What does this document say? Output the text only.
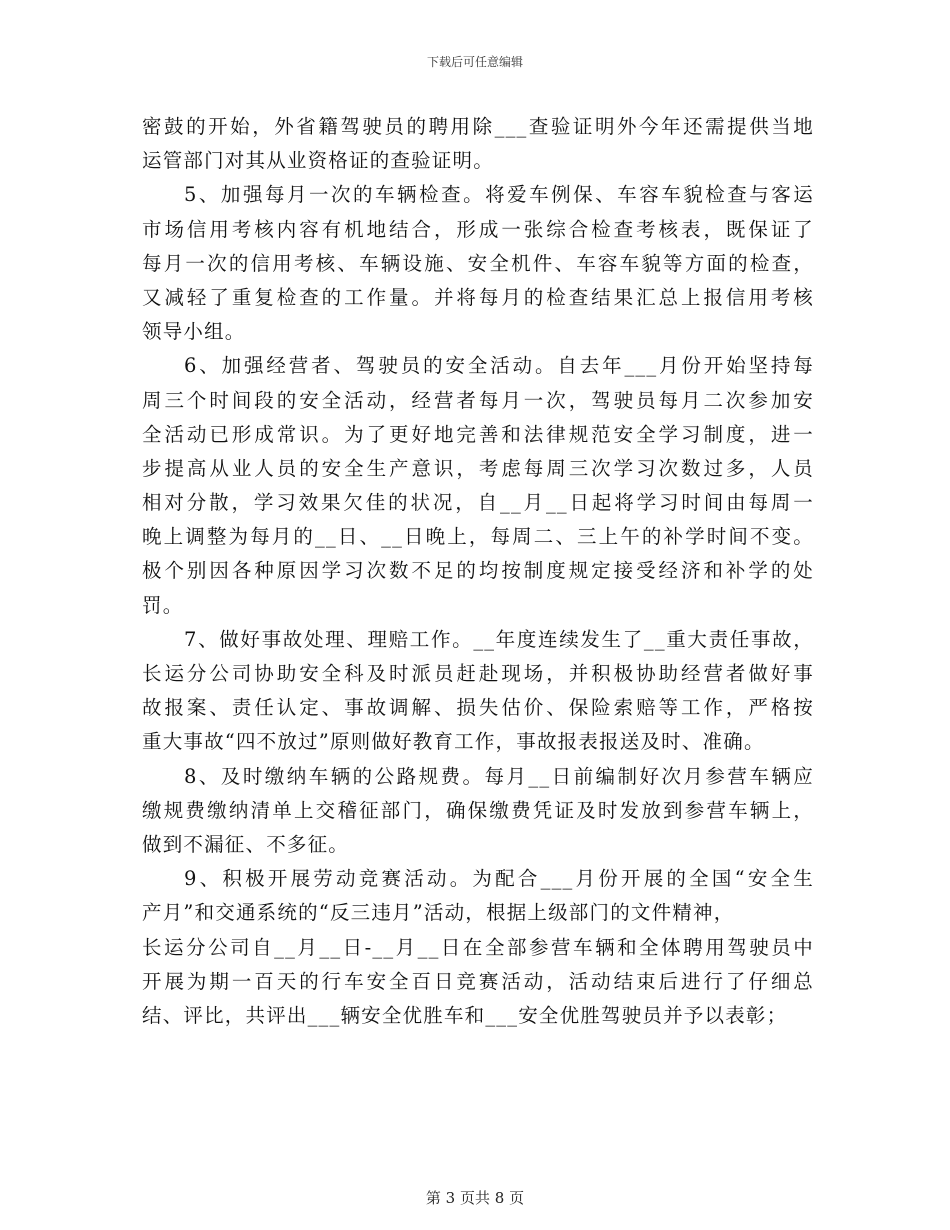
下载后可任意编辑
密鼓的开始，外省籍驾驶员的聘用除___查验证明外今年还需提供当地
运管部门对其从业资格证的查验证明。
5、加强每月一次的车辆检查。将爱车例保、车容车貌检查与客运
市场信用考核内容有机地结合，形成一张综合检查考核表，既保证了
每月一次的信用考核、车辆设施、安全机件、车容车貌等方面的检查，
又减轻了重复检查的工作量。并将每月的检查结果汇总上报信用考核
领导小组。
6、加强经营者、驾驶员的安全活动。自去年___月份开始坚持每
周三个时间段的安全活动，经营者每月一次，驾驶员每月二次参加安
全活动已形成常识。为了更好地完善和法律规范安全学习制度，进一
步提高从业人员的安全生产意识，考虑每周三次学习次数过多，人员
相对分散，学习效果欠佳的状况，自__月__日起将学习时间由每周一
晚上调整为每月的__日、__日晚上，每周二、三上午的补学时间不变。
极个别因各种原因学习次数不足的均按制度规定接受经济和补学的处
罚。
7、做好事故处理、理赔工作。__年度连续发生了__重大责任事故，
长运分公司协助安全科及时派员赶赴现场，并积极协助经营者做好事
故报案、责任认定、事故调解、损失估价、保险索赔等工作，严格按
重大事故“四不放过”原则做好教育工作，事故报表报送及时、准确。
8、及时缴纳车辆的公路规费。每月__日前编制好次月参营车辆应
缴规费缴纳清单上交稽征部门，确保缴费凭证及时发放到参营车辆上，
做到不漏征、不多征。
9、积极开展劳动竞赛活动。为配合___月份开展的全国“安全生
产月”和交通系统的“反三违月”活动，根据上级部门的文件精神，
长运分公司自__月__日-__月__日在全部参营车辆和全体聘用驾驶员中
开展为期一百天的行车安全百日竞赛活动，活动结束后进行了仔细总
结、评比，共评出___辆安全优胜车和___安全优胜驾驶员并予以表彰；
第 3 页共 8 页
